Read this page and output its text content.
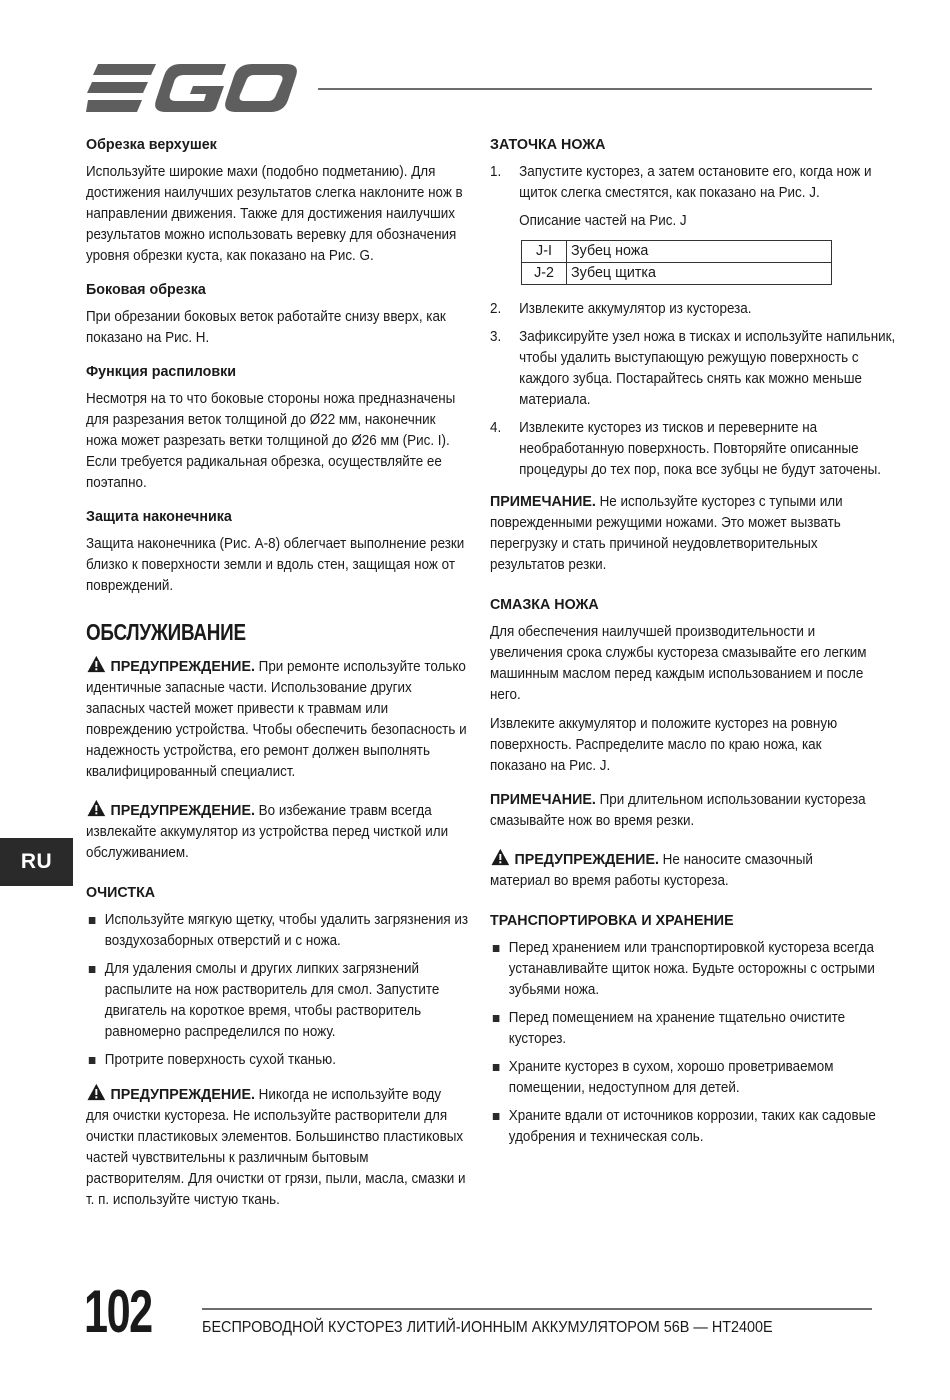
Обрезка верхушек

Используйте широкие махи (подобно подметанию). Для достижения наилучших результатов слегка наклоните нож в направлении движения. Также для достижения наилучших результатов можно использовать веревку для обозначения уровня обрезки куста, как показано на Рис. G.

Боковая обрезка

При обрезании боковых веток работайте снизу вверх, как показано на Рис. H.

Функция распиловки

Несмотря на то что боковые стороны ножа предназначены для разрезания веток толщиной до Ø22 мм, наконечник ножа может разрезать ветки толщиной до Ø26 мм (Рис. I). Если требуется радикальная обрезка, осуществляйте ее поэтапно.

Защита наконечника

Защита наконечника (Рис. A-8) облегчает выполнение резки близко к поверхности земли и вдоль стен, защищая нож от повреждений.

ОБСЛУЖИВАНИЕ

ПРЕДУПРЕЖДЕНИЕ. При ремонте используйте только идентичные запасные части. Использование других запасных частей может привести к травмам или повреждению устройства. Чтобы обеспечить безопасность и надежность устройства, его ремонт должен выполнять квалифицированный специалист.

ПРЕДУПРЕЖДЕНИЕ. Во избежание травм всегда извлекайте аккумулятор из устройства перед чисткой или обслуживанием.

ОЧИСТКА
Используйте мягкую щетку, чтобы удалить загрязнения из воздухозаборных отверстий и с ножа.
Для удаления смолы и других липких загрязнений распылите на нож растворитель для смол. Запустите двигатель на короткое время, чтобы растворитель равномерно распределился по ножу.
Протрите поверхность сухой тканью.

ПРЕДУПРЕЖДЕНИЕ. Никогда не используйте воду для очистки кустореза. Не используйте растворители для очистки пластиковых элементов. Большинство пластиковых частей чувствительны к различным бытовым растворителям. Для очистки от грязи, пыли, масла, смазки и т. п. используйте чистую ткань.

ЗАТОЧКА НОЖА
1. Запустите кусторез, а затем остановите его, когда нож и щиток слегка сместятся, как показано на Рис. J.

Описание частей на Рис. J

J-I	Зубец ножа
J-2	Зубец щитка
2. Извлеките аккумулятор из кустореза.
3. Зафиксируйте узел ножа в тисках и используйте напильник, чтобы удалить выступающую режущую поверхность с каждого зубца. Постарайтесь снять как можно меньше материала.
4. Извлеките кусторез из тисков и переверните на необработанную поверхность. Повторяйте описанные процедуры до тех пор, пока все зубцы не будут заточены.

ПРИМЕЧАНИЕ. Не используйте кусторез с тупыми или поврежденными режущими ножами. Это может вызвать перегрузку и стать причиной неудовлетворительных результатов резки.

СМАЗКА НОЖА

Для обеспечения наилучшей производительности и увеличения срока службы кустореза смазывайте его легким машинным маслом перед каждым использованием и после него.

Извлеките аккумулятор и положите кусторез на ровную поверхность. Распределите масло по краю ножа, как показано на Рис. J.

ПРИМЕЧАНИЕ. При длительном использовании кустореза смазывайте нож во время резки.

ПРЕДУПРЕЖДЕНИЕ. Не наносите смазочный материал во время работы кустореза.

ТРАНСПОРТИРОВКА И ХРАНЕНИЕ
Перед хранением или транспортировкой кустореза всегда устанавливайте щиток ножа. Будьте осторожны с острыми зубьями ножа.
Перед помещением на хранение тщательно очистите кусторез.
Храните кусторез в сухом, хорошо проветриваемом помещении, недоступном для детей.
Храните вдали от источников коррозии, таких как садовые удобрения и техническая соль.
RU
102	БЕСПРОВОДНОЙ КУСТОРЕЗ ЛИТИЙ-ИОННЫМ АККУМУЛЯТОРОМ 56В — HT2400E
